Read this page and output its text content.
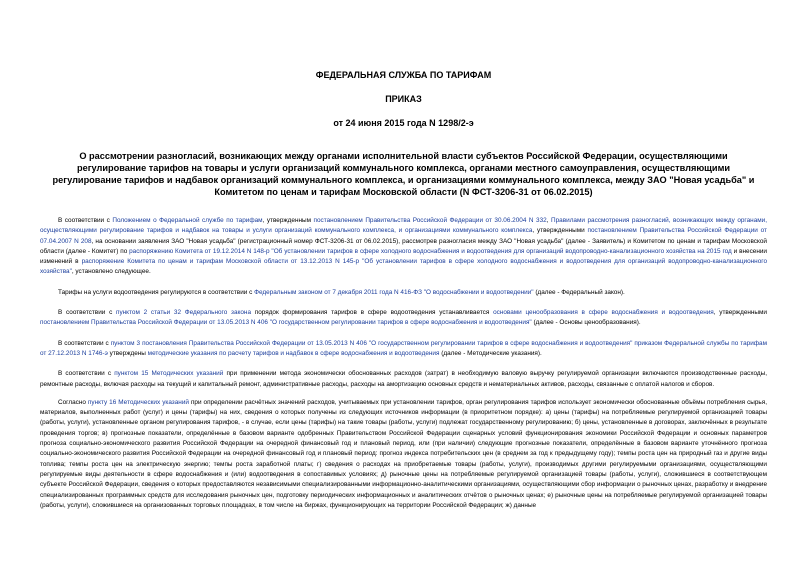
ФЕДЕРАЛЬНАЯ СЛУЖБА ПО ТАРИФАМ
ПРИКАЗ
от 24 июня 2015 года N 1298/2-э
О рассмотрении разногласий, возникающих между органами исполнительной власти субъектов Российской Федерации, осуществляющими регулирование тарифов на товары и услуги организаций коммунального комплекса, органами местного самоуправления, осуществляющими регулирование тарифов и надбавок организаций коммунального комплекса, и организациями коммунального комплекса, между ЗАО "Новая усадьба" и Комитетом по ценам и тарифам Московской области (N ФСТ-3206-31 от 06.02.2015)

В соответствии с Положением о Федеральной службе по тарифам, утвержденным постановлением Правительства Российской Федерации от 30.06.2004 N 332, Правилами рассмотрения разногласий, возникающих между органами, осуществляющими регулирование тарифов и надбавок на товары и услуги организаций коммунального комплекса, и организациями коммунального комплекса, утвержденными постановлением Правительства Российской Федерации от 07.04.2007 N 208, на основании заявления ЗАО "Новая усадьба" (регистрационный номер ФСТ-3206-31 от 06.02.2015), рассмотрев разногласия между ЗАО "Новая усадьба" (далее - Заявитель) и Комитетом по ценам и тарифам Московской области (далее - Комитет) по распоряжению Комитета от 19.12.2014 N 148-р "Об установлении тарифов в сфере холодного водоснабжения и водоотведения для организаций водопроводно-канализационного хозяйства на 2015 год и внесении изменений в распоряжение Комитета по ценам и тарифам Московской области от 13.12.2013 N 145-р "Об установлении тарифов в сфере холодного водоснабжения и водоотведения для организаций водопроводно-канализационного хозяйства", установлено следующее.

Тарифы на услуги водоотведения регулируются в соответствии с Федеральным законом от 7 декабря 2011 года N 416-ФЗ "О водоснабжении и водоотведении" (далее - Федеральный закон).

В соответствии с пунктом 2 статьи 32 Федерального закона порядок формирования тарифов в сфере водоотведения устанавливается основами ценообразования в сфере водоснабжения и водоотведения, утвержденными постановлением Правительства Российской Федерации от 13.05.2013 N 406 "О государственном регулировании тарифов в сфере водоснабжения и водоотведения" (далее - Основы ценообразования).

В соответствии с пунктом 3 постановления Правительства Российской Федерации от 13.05.2013 N 406 "О государственном регулировании тарифов в сфере водоснабжения и водоотведения" приказом Федеральной службы по тарифам от 27.12.2013 N 1746-э утверждены методические указания по расчету тарифов и надбавок в сфере водоснабжения и водоотведения (далее - Методические указания).

В соответствии с пунктом 15 Методических указаний при применении метода экономически обоснованных расходов (затрат) в необходимую валовую выручку регулируемой организации включаются производственные расходы, ремонтные расходы, включая расходы на текущий и капитальный ремонт, административные расходы, расходы на амортизацию основных средств и нематериальных активов, расходы, связанные с оплатой налогов и сборов.

Согласно пункту 16 Методических указаний при определении расчётных значений расходов, учитываемых при установлении тарифов, орган регулирования тарифов использует экономически обоснованные объёмы потребления сырья, материалов, выполненных работ (услуг) и цены (тарифы) на них, сведения о которых получены из следующих источников информации (в приоритетном порядке): а) цены (тарифы) на потребляемые регулируемой организацией товары (работы, услуги), установленные органом регулирования тарифов, - в случае, если цены (тарифы) на такие товары (работы, услуги) подлежат государственному регулированию; б) цены, установленные в договорах, заключённых в результате проведения торгов; в) прогнозные показатели, определённые в базовом варианте одобренных Правительством Российской Федерации сценарных условий функционирования экономики Российской Федерации и основных параметров прогноза социально-экономического развития Российской Федерации на очередной финансовый год и плановый период, или (при наличии) следующие прогнозные показатели, определённые в базовом варианте уточнённого прогноза социально-экономического развития Российской Федерации на очередной финансовый год и плановый период: прогноз индекса потребительских цен (в среднем за год к предыдущему году); темпы роста цен на природный газ и другие виды топлива; темпы роста цен на электрическую энергию; темпы роста заработной платы; г) сведения о расходах на приобретаемые товары (работы, услуги), производимых другими регулируемыми организациями, осуществляющими регулируемые виды деятельности в сфере водоснабжения и (или) водоотведения в сопоставимых условиях; д) рыночные цены на потребляемые регулируемой организацией товары (работы, услуги), сложившиеся в соответствующем субъекте Российской Федерации, сведения о которых предоставляются независимыми специализированными информационно-аналитическими организациями, осуществляющими сбор информации о рыночных ценах, разработку и внедрение специализированных программных средств для исследования рыночных цен, подготовку периодических информационных и аналитических отчётов о рыночных ценах; е) рыночные цены на потребляемые регулируемой организацией товары (работы, услуги), сложившиеся на организованных торговых площадках, в том числе на биржах, функционирующих на территории Российской Федерации; ж) данные
